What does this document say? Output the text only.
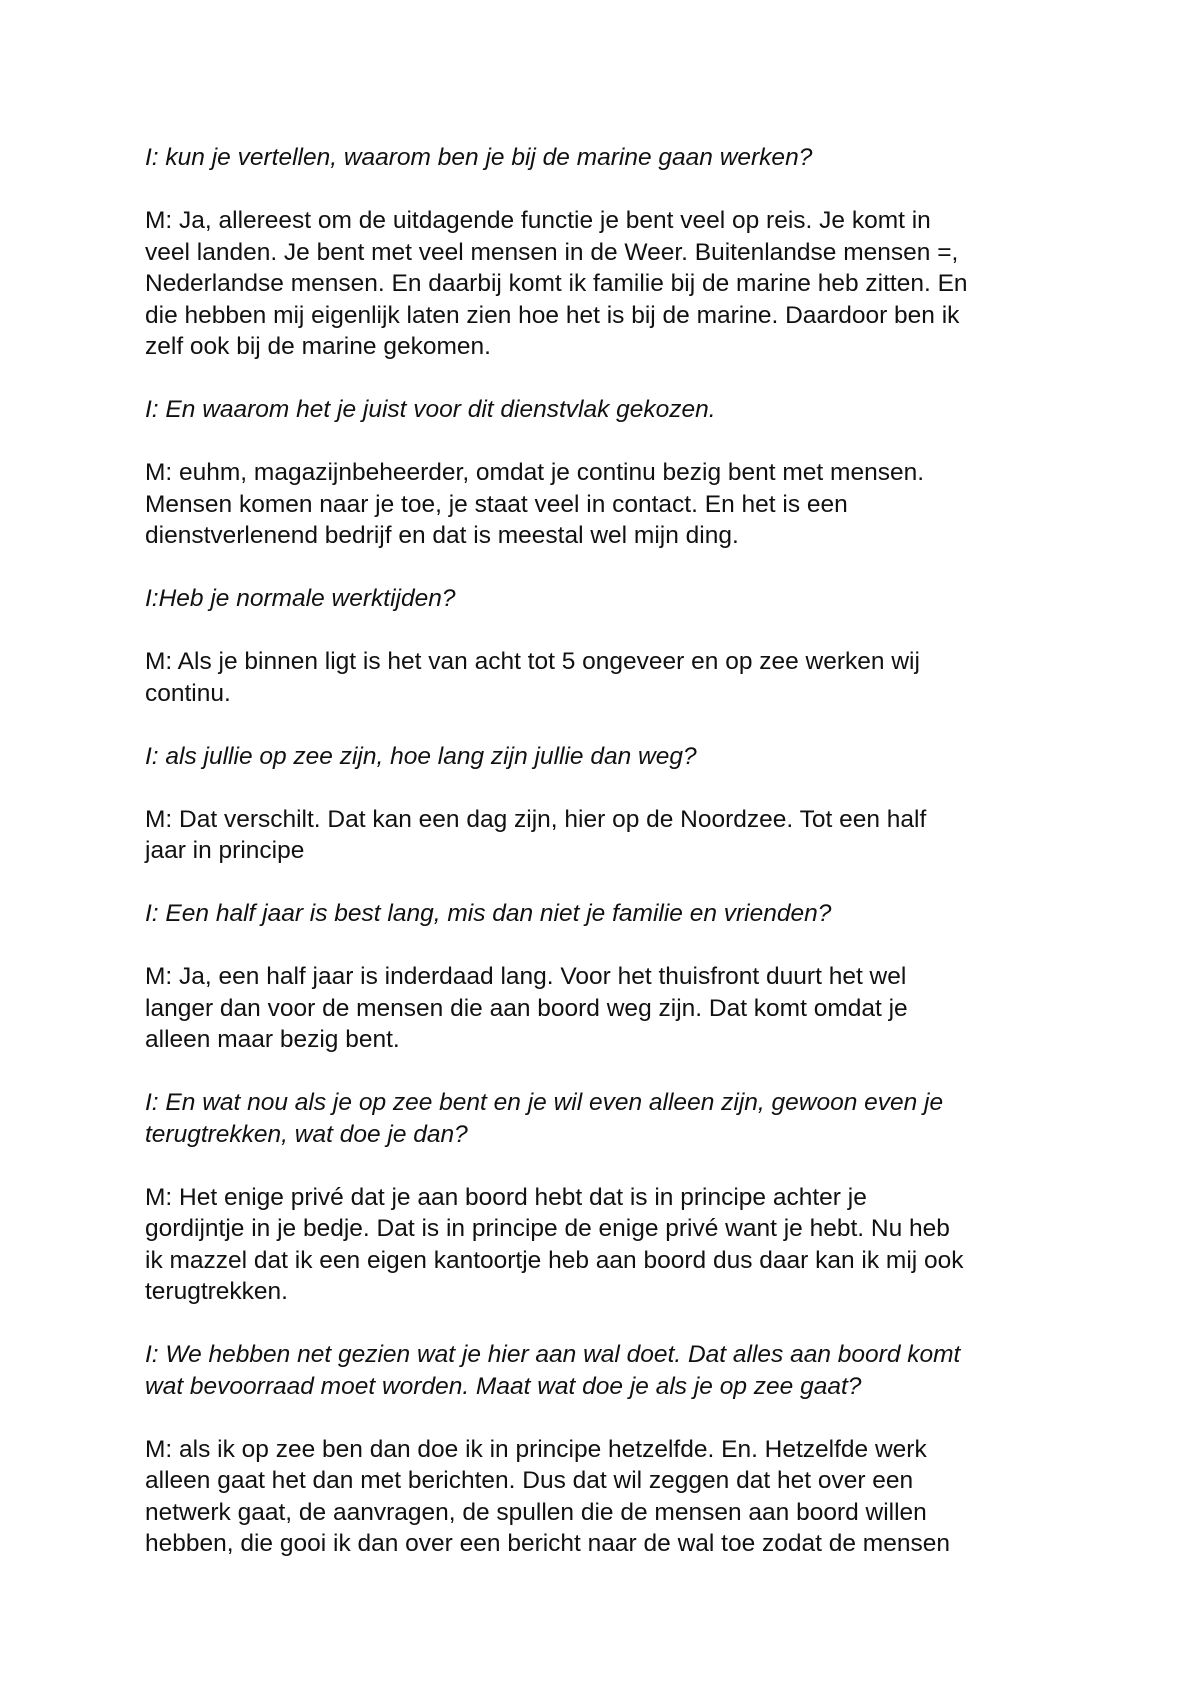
I: kun je vertellen, waarom ben je bij de marine gaan werken?

M: Ja, allereest om de uitdagende functie je bent veel op reis. Je komt in
veel landen. Je bent met veel mensen in de Weer. Buitenlandse mensen =,
Nederlandse mensen. En daarbij komt ik familie bij de marine heb zitten. En
die hebben mij eigenlijk laten zien hoe het is bij de marine. Daardoor ben ik
zelf ook bij de marine gekomen.

I: En waarom het je juist voor dit dienstvlak gekozen.

M: euhm, magazijnbeheerder, omdat je continu bezig bent met mensen.
Mensen komen naar je toe, je staat veel in contact. En het is een
dienstverlenend bedrijf en dat is meestal wel mijn ding.

I:Heb je normale werktijden?

M: Als je binnen ligt is het van acht tot 5 ongeveer en op zee werken wij
continu.

I: als jullie op zee zijn, hoe lang zijn jullie dan weg?

M: Dat verschilt. Dat kan een dag zijn, hier op de Noordzee. Tot een half
jaar in principe

I: Een half jaar is best lang, mis dan niet je familie en vrienden?

M: Ja, een half jaar is inderdaad lang. Voor het thuisfront duurt het wel
langer dan voor de mensen die aan boord weg zijn. Dat komt omdat je
alleen maar bezig bent.

I: En wat nou als je op zee bent en je wil even alleen zijn, gewoon even je
terugtrekken, wat doe je dan?

M: Het enige privé dat je aan boord hebt dat is in principe achter je
gordijntje in je bedje. Dat is in principe de enige privé want je hebt. Nu heb
ik mazzel dat ik een eigen kantoortje heb aan boord dus daar kan ik mij ook
terugtrekken.

I: We hebben net gezien wat je hier aan wal doet. Dat alles aan boord komt
wat bevoorraad moet worden. Maat wat doe je als je op zee gaat?

M: als ik op zee ben dan doe ik in principe hetzelfde. En. Hetzelfde werk
alleen gaat het dan met berichten. Dus dat wil zeggen dat het over een
netwerk gaat, de aanvragen, de spullen die de mensen aan boord willen
hebben, die gooi ik dan over een bericht naar de wal toe zodat de mensen
